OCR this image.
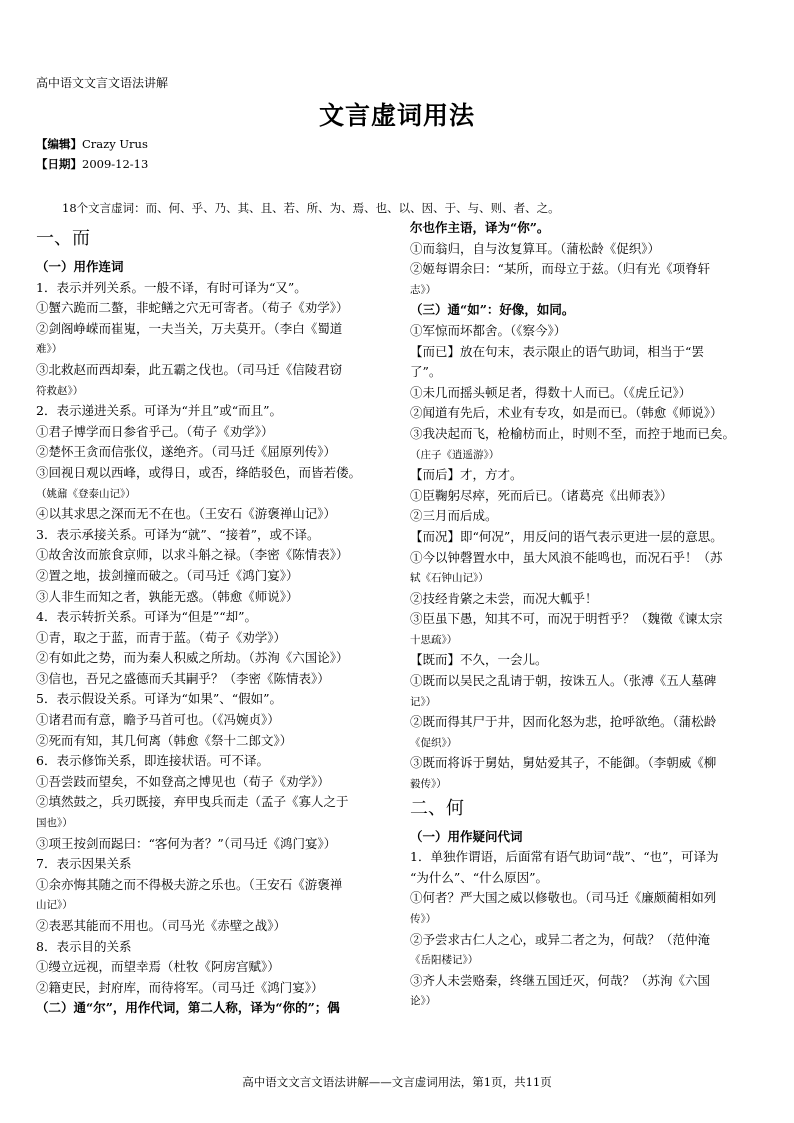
高中语文文言文语法讲解
文言虚词用法
【编辑】Crazy Urus
【日期】2009-12-13
18个文言虚词：而、何、乎、乃、其、且、若、所、为、焉、也、以、因、于、与、则、者、之。
一、而
（一）用作连词
1．表示并列关系。一般不译，有时可译为“又”。
①蟹六跪而二螯，非蛇鳝之穴无可寄者。（荀子《劝学》）
②剑阁峥嵘而崔嵬，一夫当关，万夫莫开。（李白《蜀道
难》）
③北救赵而西却秦，此五霸之伐也。（司马迁《信陵君窃
符救赵》）
2．表示递进关系。可译为“并且”或“而且”。
①君子博学而日参省乎己。（荀子《劝学》）
②楚怀王贪而信张仪，遂绝齐。（司马迁《屈原列传》）
③回视日观以西峰，或得日，或否，绛皓驳色，而皆若偻。
（姚鼐《登泰山记》）
④以其求思之深而无不在也。（王安石《游褒禅山记》）
3．表示承接关系。可译为“就”、“接着”，或不译。
①故舍汝而旅食京师，以求斗斛之禄。（李密《陈情表》）
②置之地，拔剑撞而破之。（司马迁《鸿门宴》）
③人非生而知之者，孰能无惑。（韩愈《师说》）
4．表示转折关系。可译为“但是”“却”。
①青，取之于蓝，而青于蓝。（荀子《劝学》）
②有如此之势，而为秦人积威之所劫。（苏洵《六国论》）
③信也，吾兄之盛德而夭其嗣乎？（李密《陈情表》）
5．表示假设关系。可译为“如果”、“假如”。
①诸君而有意，瞻予马首可也。（《冯婉贞》）
②死而有知，其几何离（韩愈《祭十二郎文》）
6．表示修饰关系，即连接状语。可不译。
①吾尝跂而望矣，不如登高之博见也（荀子《劝学》）
②填然鼓之，兵刃既接，弃甲曳兵而走（孟子《寡人之于
国也》）
③项王按剑而跽曰：“客何为者？”（司马迁《鸿门宴》）
7．表示因果关系
①余亦悔其随之而不得极夫游之乐也。（王安石《游褒禅
山记》）
②表恶其能而不用也。（司马光《赤壁之战》）
8．表示目的关系
①缦立远视，而望幸焉（杜牧《阿房宫赋》）
②籍吏民，封府库，而待将军。（司马迁《鸿门宴》）
（二）通“尔”，用作代词，第二人称，译为“你的”；偶
尔也作主语，译为“你”。
①而翁归，自与汝复算耳。（蒲松龄《促织》）
②姬每谓余曰：“某所，而母立于兹。（归有光《项脊轩
志》）
（三）通“如”：好像，如同。
①军惊而坏都舍。（《察今》）
【而已】放在句末，表示限止的语气助词，相当于“罢
了”。
①未几而摇头顿足者，得数十人而已。（《虎丘记》）
②闻道有先后，术业有专攻，如是而已。（韩愈《师说》）
③我决起而飞，枪榆枋而止，时则不至，而控于地而已矣。
（庄子《逍遥游》）
【而后】才，方才。
①臣鞠躬尽瘁，死而后已。（诸葛亮《出师表》）
②三月而后成。
【而况】即“何况”，用反问的语气表示更进一层的意思。
①今以钟磬置水中，虽大风浪不能鸣也，而况石乎！（苏
轼《石钟山记》）
②技经肯綮之未尝，而况大軱乎！
③臣虽下愚，知其不可，而况于明哲乎？（魏徵《谏太宗
十思疏》）
【既而】不久，一会儿。
①既而以吴民之乱请于朝，按诛五人。（张溥《五人墓碑
记》）
②既而得其尸于井，因而化怒为悲，抢呼欲绝。（蒲松龄
《促织》）
③既而将诉于舅姑，舅姑爱其子，不能御。（李朝威《柳
毅传》）
二、何
（一）用作疑问代词
1．单独作谓语，后面常有语气助词“哉”、“也”，可译为
“为什么”、“什么原因”。
①何者？严大国之威以修敬也。（司马迁《廉颇蔺相如列
传》）
②予尝求古仁人之心，或异二者之为，何哉？（范仲淹
《岳阳楼记》）
③齐人未尝赂秦，终继五国迁灭，何哉？（苏洵《六国
论》）
高中语文文言文语法讲解——文言虚词用法，第1页，共11页
